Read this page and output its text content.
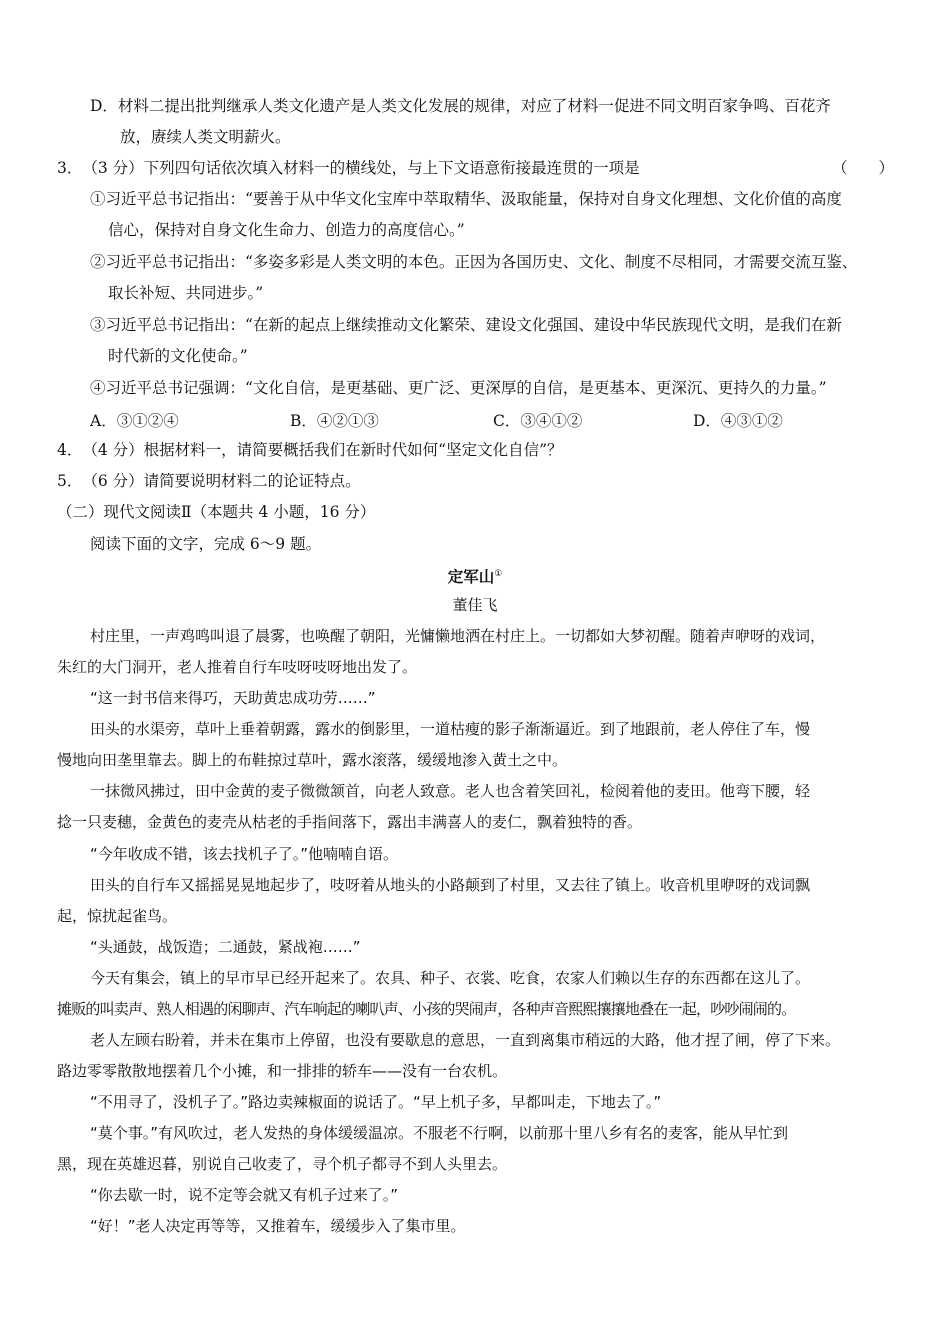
D．材料二提出批判继承人类文化遗产是人类文化发展的规律，对应了材料一促进不同文明百家争鸣、百花齐
放，赓续人类文明薪火。
3．　（3 分）下列四句话依次填入材料一的横线处，与上下文语意衔接最连贯的一项是	（　　）
①习近平总书记指出：“要善于从中华文化宝库中萃取精华、汲取能量，保持对自身文化理想、文化价值的高度
信心，保持对自身文化生命力、创造力的高度信心。”
②习近平总书记指出：“多姿多彩是人类文明的本色。正因为各国历史、文化、制度不尽相同，才需要交流互鉴、
取长补短、共同进步。”
③习近平总书记指出：“在新的起点上继续推动文化繁荣、建设文化强国、建设中华民族现代文明，是我们在新
时代新的文化使命。”
④习近平总书记强调：“文化自信，是更基础、更广泛、更深厚的自信，是更基本、更深沉、更持久的力量。”
A．③①②④	B．④②①③	C．③④①②	D．④③①②
4．　（4 分）根据材料一，请简要概括我们在新时代如何“坚定文化自信”？
5．　（6 分）请简要说明材料二的论证特点。
（二）现代文阅读Ⅱ（本题共 4 小题，16 分）
阅读下面的文字，完成 6～9 题。
定军山①
董佳飞
村庄里，一声鸡鸣叫退了晨雾，也唤醒了朝阳，光慵懒地洒在村庄上。一切都如大梦初醒。随着声咿呀的戏词，
朱红的大门洞开，老人推着自行车吱呀吱呀地出发了。
“这一封书信来得巧，天助黄忠成功劳……”
田头的水渠旁，草叶上垂着朝露，露水的倒影里，一道枯瘦的影子渐渐逼近。到了地跟前，老人停住了车，慢
慢地向田垄里靠去。脚上的布鞋掠过草叶，露水滚落，缓缓地渗入黄土之中。
一抹微风拂过，田中金黄的麦子微微颔首，向老人致意。老人也含着笑回礼，检阅着他的麦田。他弯下腰，轻
捻一只麦穗，金黄色的麦壳从枯老的手指间落下，露出丰满喜人的麦仁，飘着独特的香。
“今年收成不错，该去找机子了。”他喃喃自语。
田头的自行车又摇摇晃晃地起步了，吱呀着从地头的小路颠到了村里，又去往了镇上。收音机里咿呀的戏词飘
起，惊扰起雀鸟。
“头通鼓，战饭造；二通鼓，紧战袍……”
今天有集会，镇上的早市早已经开起来了。农具、种子、衣裳、吃食，农家人们赖以生存的东西都在这儿了。
摊贩的叫卖声、熟人相遇的闲聊声、汽车响起的喇叭声、小孩的哭闹声，各种声音熙熙攘攘地叠在一起，吵吵闹闹的。
老人左顾右盼着，并未在集市上停留，也没有要歇息的意思，一直到离集市稍远的大路，他才捏了闸，停了下来。
路边零零散散地摆着几个小摊，和一排排的轿车——没有一台农机。
“不用寻了，没机子了。”路边卖辣椒面的说话了。“早上机子多，早都叫走，下地去了。”
“莫个事。”有风吹过，老人发热的身体缓缓温凉。不服老不行啊，以前那十里八乡有名的麦客，能从早忙到
黑，现在英雄迟暮，别说自己收麦了，寻个机子都寻不到人头里去。
“你去歇一时，说不定等会就又有机子过来了。”
“好！”老人决定再等等，又推着车，缓缓步入了集市里。
